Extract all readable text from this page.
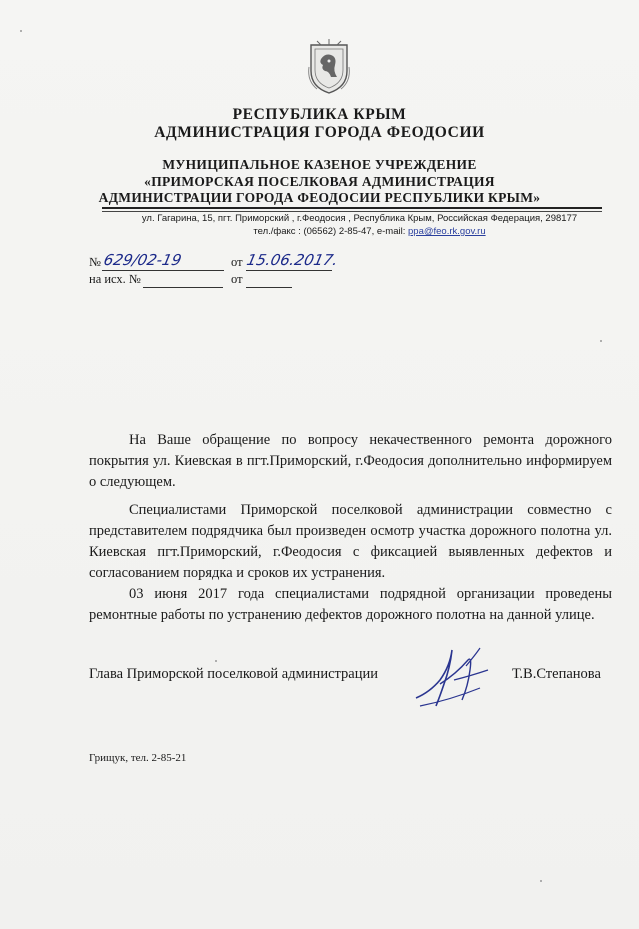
РЕСПУБЛИКА КРЫМ
АДМИНИСТРАЦИЯ ГОРОДА ФЕОДОСИИ
МУНИЦИПАЛЬНОЕ КАЗЕНОЕ УЧРЕЖДЕНИЕ
«ПРИМОРСКАЯ ПОСЕЛКОВАЯ АДМИНИСТРАЦИЯ
АДМИНИСТРАЦИИ ГОРОДА ФЕОДОСИИ РЕСПУБЛИКИ КРЫМ»
ул. Гагарина, 15, пгт. Приморский , г.Феодосия , Республика Крым, Российская Федерация, 298177
тел./факс : (06562) 2-85-47, e-mail: ppa@feo.rk.gov.ru
№ 629/02-19	от 15.06.2017.
на исх. №	от

На Ваше обращение по вопросу некачественного ремонта дорожного покрытия ул. Киевская в пгт.Приморский, г.Феодосия дополнительно информируем о следующем.

Специалистами Приморской поселковой администрации совместно с представителем подрядчика был произведен осмотр участка дорожного полотна ул. Киевская пгт.Приморский, г.Феодосия с фиксацией выявленных дефектов и согласованием порядка и сроков их устранения.

03 июня 2017 года специалистами подрядной организации проведены ремонтные работы по устранению дефектов дорожного полотна на данной улице.

Глава Приморской поселковой администрации	Т.В.Степанова
Грищук, тел. 2-85-21
